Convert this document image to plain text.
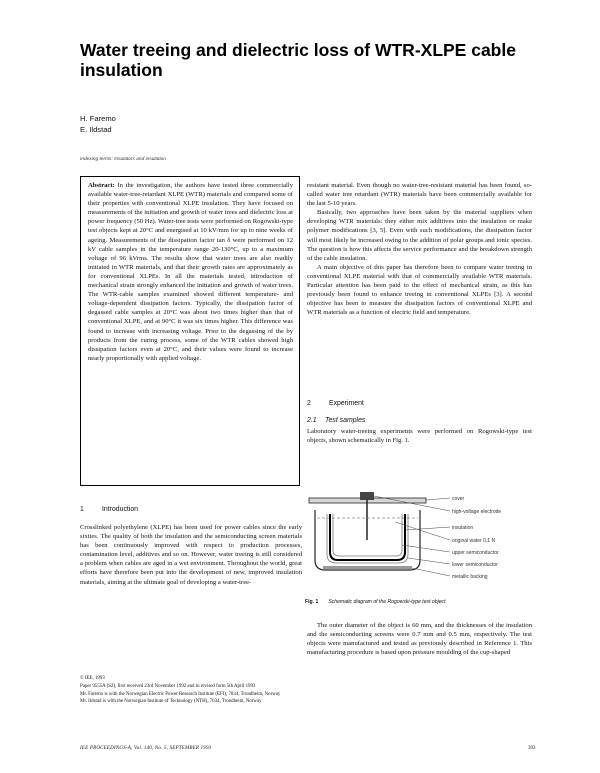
Water treeing and dielectric loss of WTR-XLPE cable insulation
H. Faremo
E. Ildstad
Indexing terms: Insulators and insulation
Abstract: In the investigation, the authors have tested three commercially available water-tree-retardant XLPE (WTR) materials and compared some of their properties with conventional XLPE insulation. They have focused on measurements of the initiation and growth of water trees and dielectric loss at power frequency (50 Hz). Water-tree tests were performed on Rogowski-type test objects kept at 20°C and energised at 10 kV/mm for up to nine weeks of ageing. Measurements of the dissipation factor tan δ were performed on 12 kV cable samples in the temperature range 20-130°C, up to a maximum voltage of 96 kVrms. The results show that water trees are also readily initiated in WTR materials, and that their growth rates are approximately as for conventional XLPEs. In all the materials tested, introduction of mechanical strain strongly enhanced the initiation and growth of water trees. The WTR-cable samples examined showed different temperature- and voltage-dependent dissipation factors. Typically, the dissipation factor of degassed cable samples at 20°C was about two times higher than that of conventional XLPE, and at 90°C it was six times higher. This difference was found to increase with increasing voltage. Prior to the degassing of the by products from the curing process, some of the WTR cables showed high dissipation factors even at 20°C, and their values were found to increase nearly proportionally with applied voltage.
1	Introduction

Crosslinked polyethylene (XLPE) has been used for power cables since the early sixties. The quality of both the insulation and the semiconducting screen materials has been continuously improved with respect to production processes, contamination level, additives and so on. However, water treeing is still considered a problem when cables are aged in a wet environment. Throughout the world, great efforts have therefore been put into the development of new, improved insulation materials, aiming at the ultimate goal of developing a water-tree-

resistant material. Even though no water-tree-resistant material has been found, so-called water tree retardant (WTR) materials have been commercially available for the last 5-10 years.

Basically, two approaches have been taken by the material suppliers when developing WTR materials: they either mix additives into the insulation or make polymer modifications [3, 5]. Even with such modifications, the dissipation factor will most likely be increased owing to the addition of polar groups and ionic species. The question is how this affects the service performance and the breakdown strength of the cable insulation.

A main objective of this paper has therefore been to compare water treeing in conventional XLPE material with that of commercially available WTR materials. Particular attention has been paid to the effect of mechanical strain, as this has previously been found to enhance treeing in conventional XLPEs [3]. A second objective has been to measure the dissipation factors of conventional XLPE and WTR materials as a function of electric field and temperature.

2	Experiment
2.1 Test samples

Laboratory water-treeing experiments were performed on Rogowski-type test objects, shown schematically in Fig. 1.

cover
high-voltage electrode
insulation
original water 0.1 N
upper semiconductor
lower semiconductor
metallic backing
Fig. 1 Schematic diagram of the Rogowski-type test object

The outer diameter of the object is 60 mm, and the thicknesses of the insulation and the semiconducting screens were 0.7 mm and 0.5 mm, respectively. The test objects were manufactured and tested as previously described in Reference 1. This manufacturing procedure is based upon pressure moulding of the cup-shaped

© IEE, 1993

Paper 9555A (S2), first received 23rd November 1992 and in revised form 5th April 1993

Mr. Faremo is with the Norwegian Electric Power Research Institute (EFI), 7034, Trondheim, Norway

Mr. Ildstad is with the Norwegian Institute of Technology (NTH), 7034, Trondheim, Norway

IEE PROCEEDINGS-A, Vol. 140, No. 5, SEPTEMBER 1993	393
